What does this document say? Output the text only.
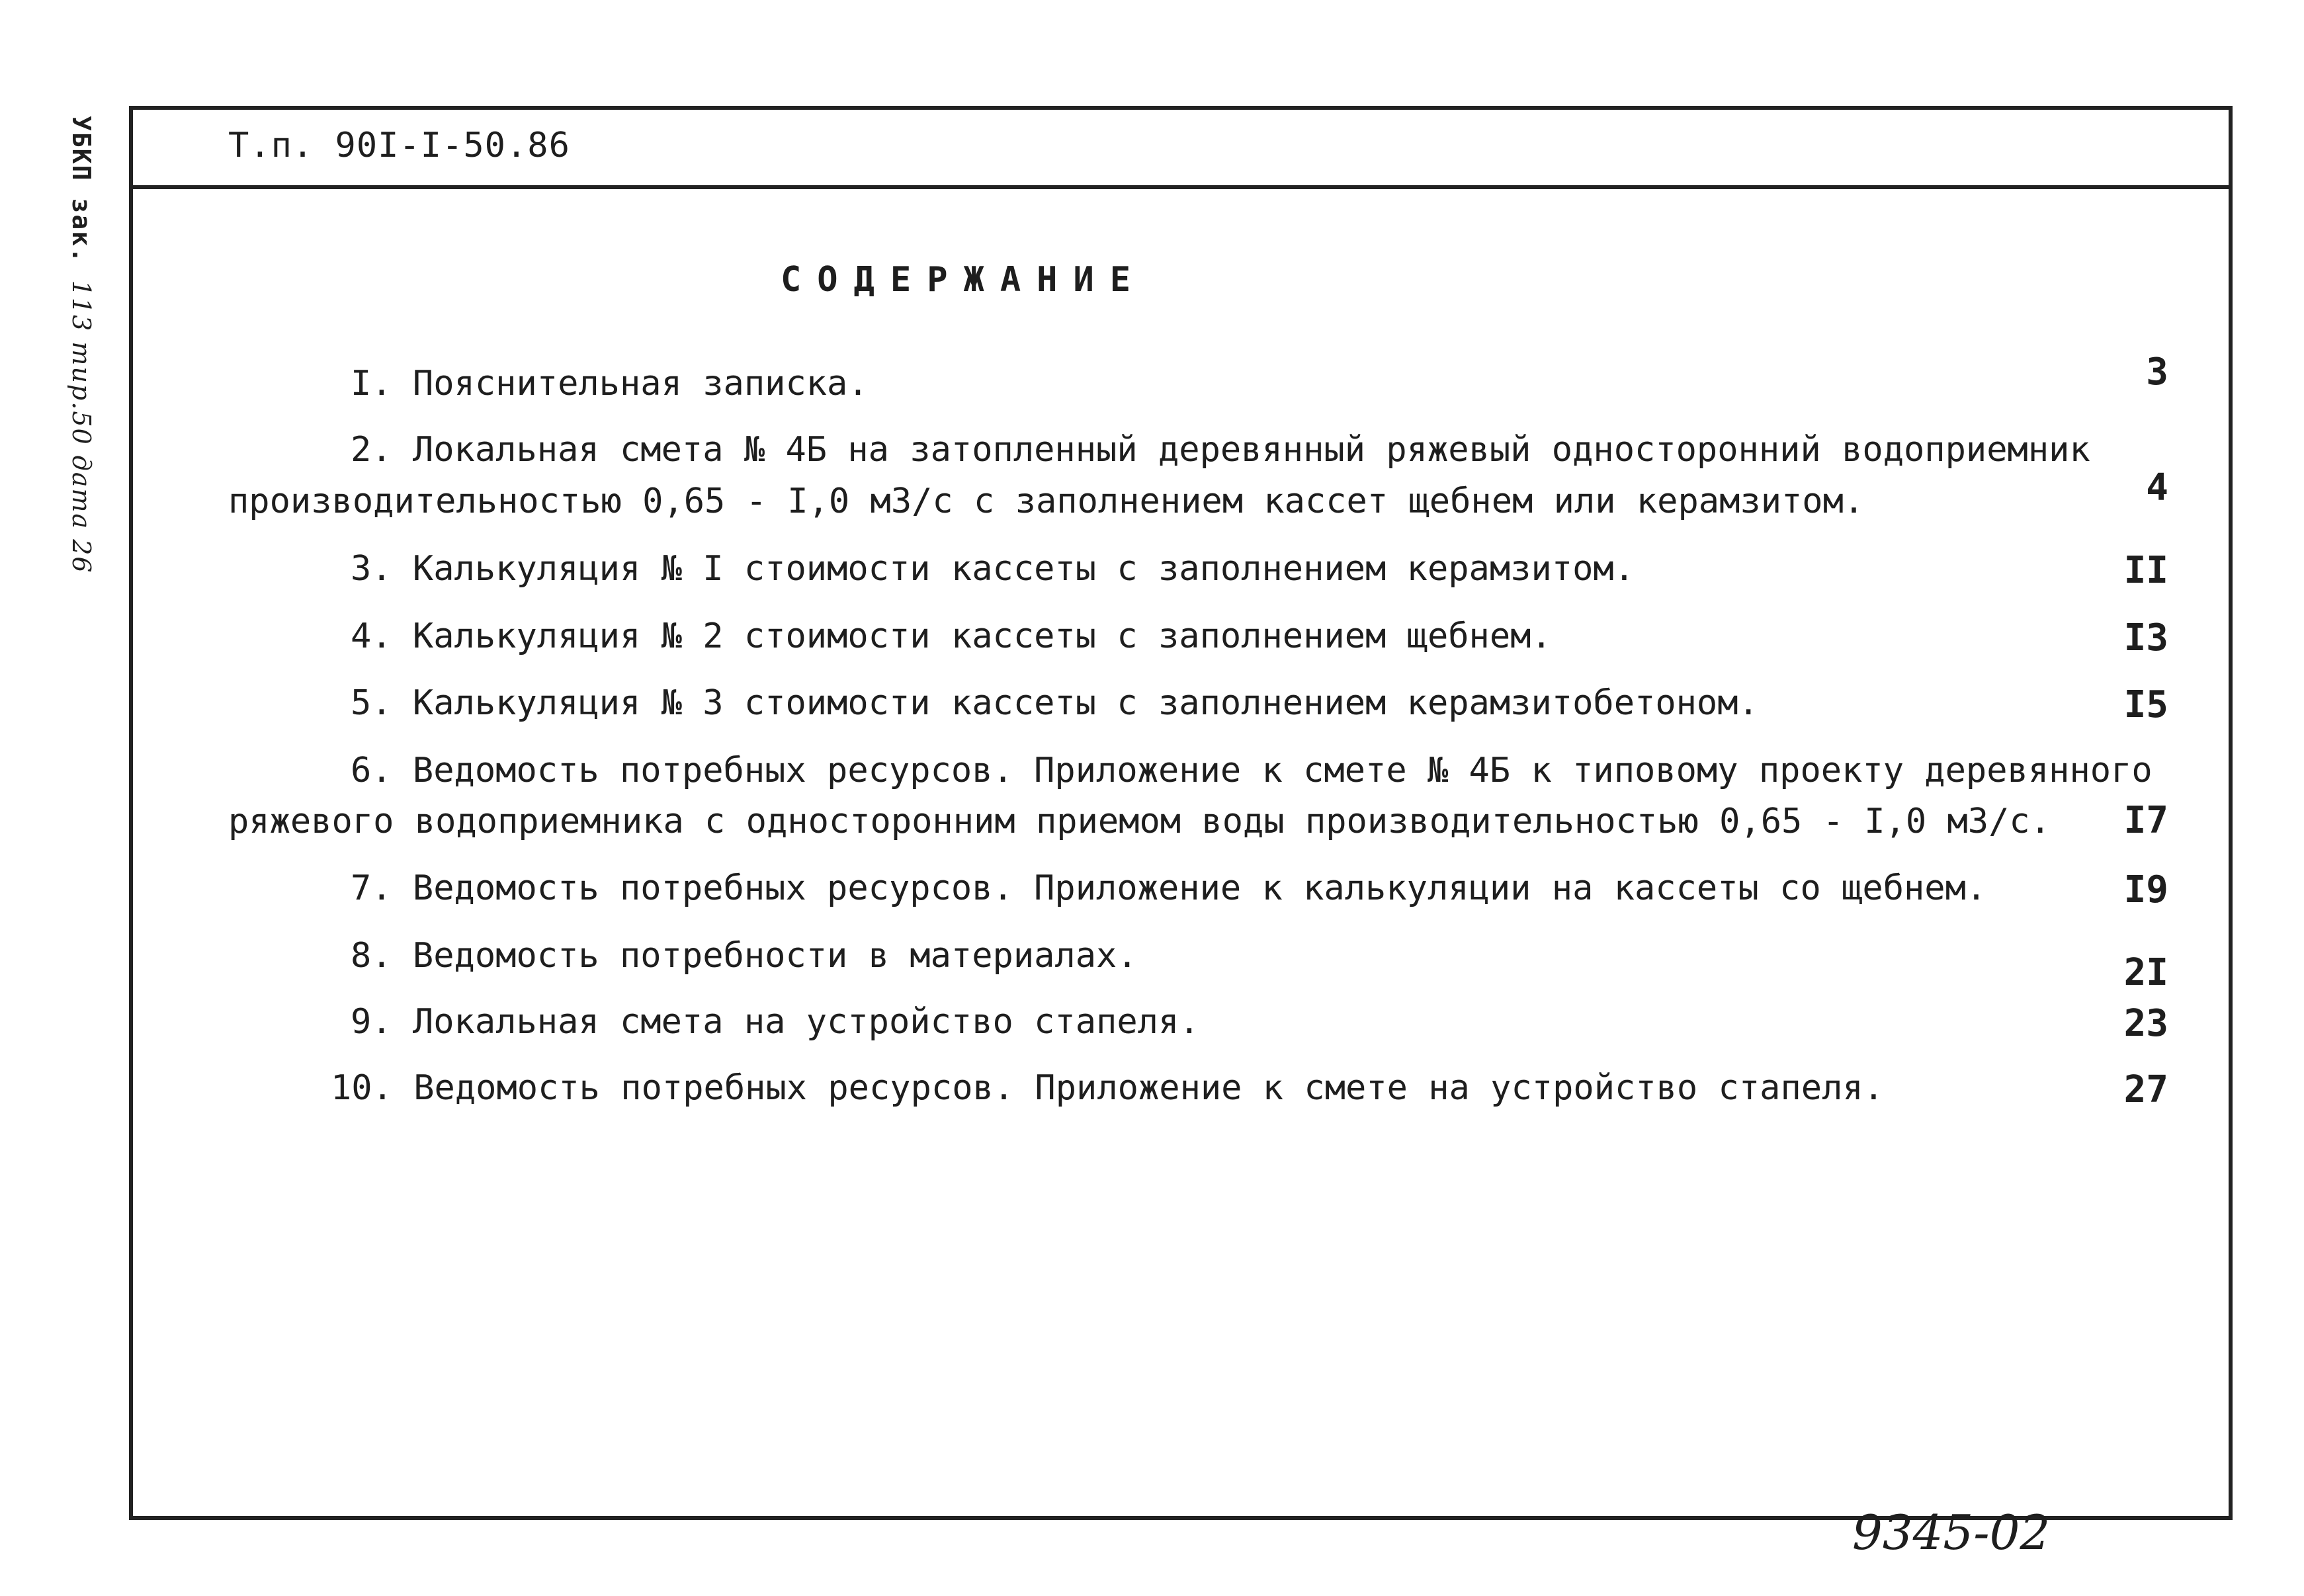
УБКП зак. 113 тир.50 дата 26
Т.п. 90I-I-50.86
СОДЕРЖАНИЕ
I. Пояснительная записка.	3
2. Локальная смета № 4Б на затопленный деревянный ряжевый односторонний водоприемник
производительностью 0,65 - I,0 м3/с с заполнением кассет щебнем или керамзитом.	4
3. Калькуляция № I стоимости кассеты с заполнением керамзитом.	II
4. Калькуляция № 2 стоимости кассеты с заполнением щебнем.	I3
5. Калькуляция № 3 стоимости кассеты с заполнением керамзитобетоном.	I5
6. Ведомость потребных ресурсов. Приложение к смете № 4Б к типовому проекту деревянного
ряжевого водоприемника с односторонним приемом воды производительностью 0,65 - I,0 м3/с.	I7
7. Ведомость потребных ресурсов. Приложение к калькуляции на кассеты со щебнем.	I9
8. Ведомость потребности в материалах.	2I
9. Локальная смета на устройство стапеля.	23
10. Ведомость потребных ресурсов. Приложение к смете на устройство стапеля.	27
9345-02
